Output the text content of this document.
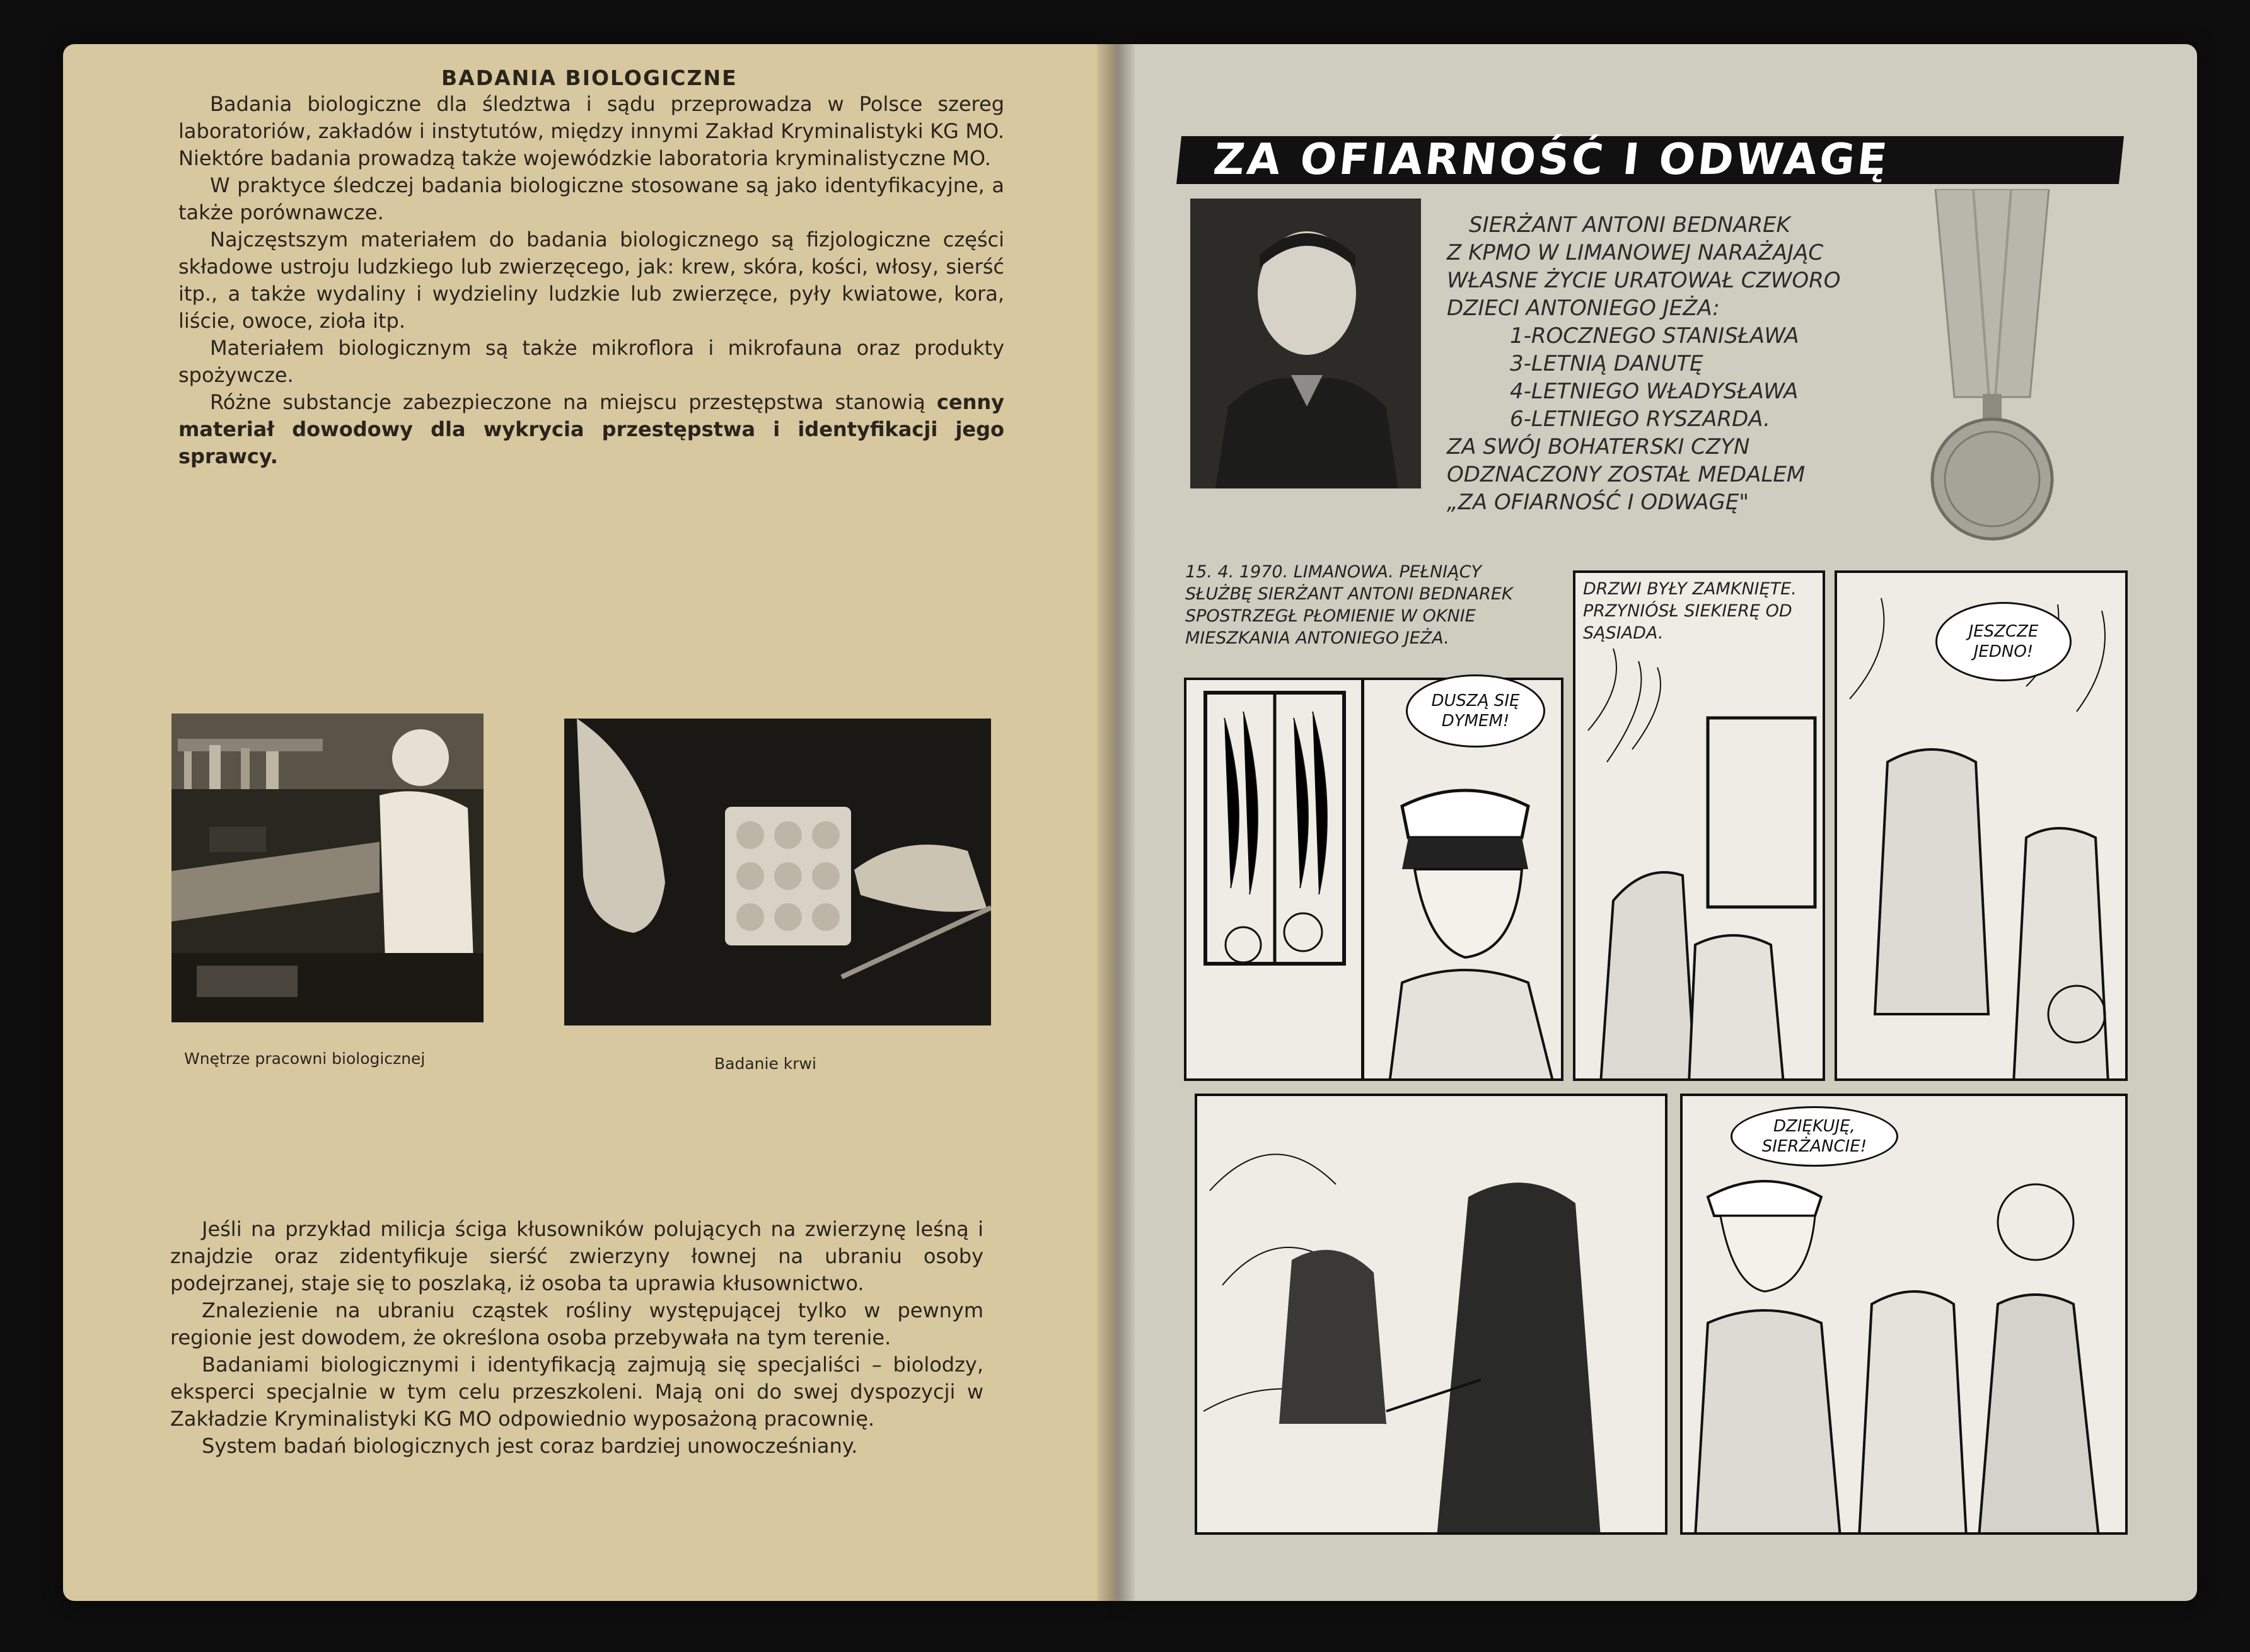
BADANIA BIOLOGICZNE

Badania biologiczne dla śledztwa i sądu przeprowadza w Polsce szereg laboratoriów, zakładów i instytutów, między innymi Zakład Kryminalistyki KG MO. Niektóre badania prowadzą także wojewódzkie laboratoria kryminalistyczne MO.

W praktyce śledczej badania biologiczne stosowane są jako identyfikacyjne, a także porównawcze.

Najczęstszym materiałem do badania biologicznego są fizjologiczne części składowe ustroju ludzkiego lub zwierzęcego, jak: krew, skóra, kości, włosy, sierść itp., a także wydaliny i wydzieliny ludzkie lub zwierzęce, pyły kwiatowe, kora, liście, owoce, zioła itp.

Materiałem biologicznym są także mikroflora i mikrofauna oraz produkty spożywcze.

Różne substancje zabezpieczone na miejscu przestępstwa stanowią cenny materiał dowodowy dla wykrycia przestępstwa i identyfikacji jego sprawcy.

Wnętrze pracowni biologicznej	Badanie krwi

Jeśli na przykład milicja ściga kłusowników polujących na zwierzynę leśną i znajdzie oraz zidentyfikuje sierść zwierzyny łownej na ubraniu osoby podejrzanej, staje się to poszlaką, iż osoba ta uprawia kłusownictwo.

Znalezienie na ubraniu cząstek rośliny występującej tylko w pewnym regionie jest dowodem, że określona osoba przebywała na tym terenie.

Badaniami biologicznymi i identyfikacją zajmują się specjaliści – biolodzy, eksperci specjalnie w tym celu przeszkoleni. Mają oni do swej dyspozycji w Zakładzie Kryminalistyki KG MO odpowiednio wyposażoną pracownię.

System badań biologicznych jest coraz bardziej unowocześniany.

ZA OFIARNOŚĆ I ODWAGĘ
SIERŻANT ANTONI BEDNAREK
Z KPMO W LIMANOWEJ NARAŻAJĄC
WŁASNE ŻYCIE URATOWAŁ CZWORO
DZIECI ANTONIEGO JEŻA:
1-ROCZNEGO STANISŁAWA
3-LETNIĄ DANUTĘ
4-LETNIEGO WŁADYSŁAWA
6-LETNIEGO RYSZARDA.
ZA SWÓJ BOHATERSKI CZYN
ODZNACZONY ZOSTAŁ MEDALEM
„ZA OFIARNOŚĆ I ODWAGĘ"
15. 4. 1970. LIMANOWA. PEŁNIĄCY SŁUŻBĘ SIERŻANT ANTONI BEDNAREK SPOSTRZEGŁ PŁOMIENIE W OKNIE MIESZKANIA ANTONIEGO JEŻA.
DUSZĄ SIĘ DYMEM!
DRZWI BYŁY ZAMKNIĘTE. PRZYNIÓSŁ SIEKIERĘ OD SĄSIADA.	JESZCZE JEDNO!
DZIĘKUJĘ, SIERŻANCIE!
